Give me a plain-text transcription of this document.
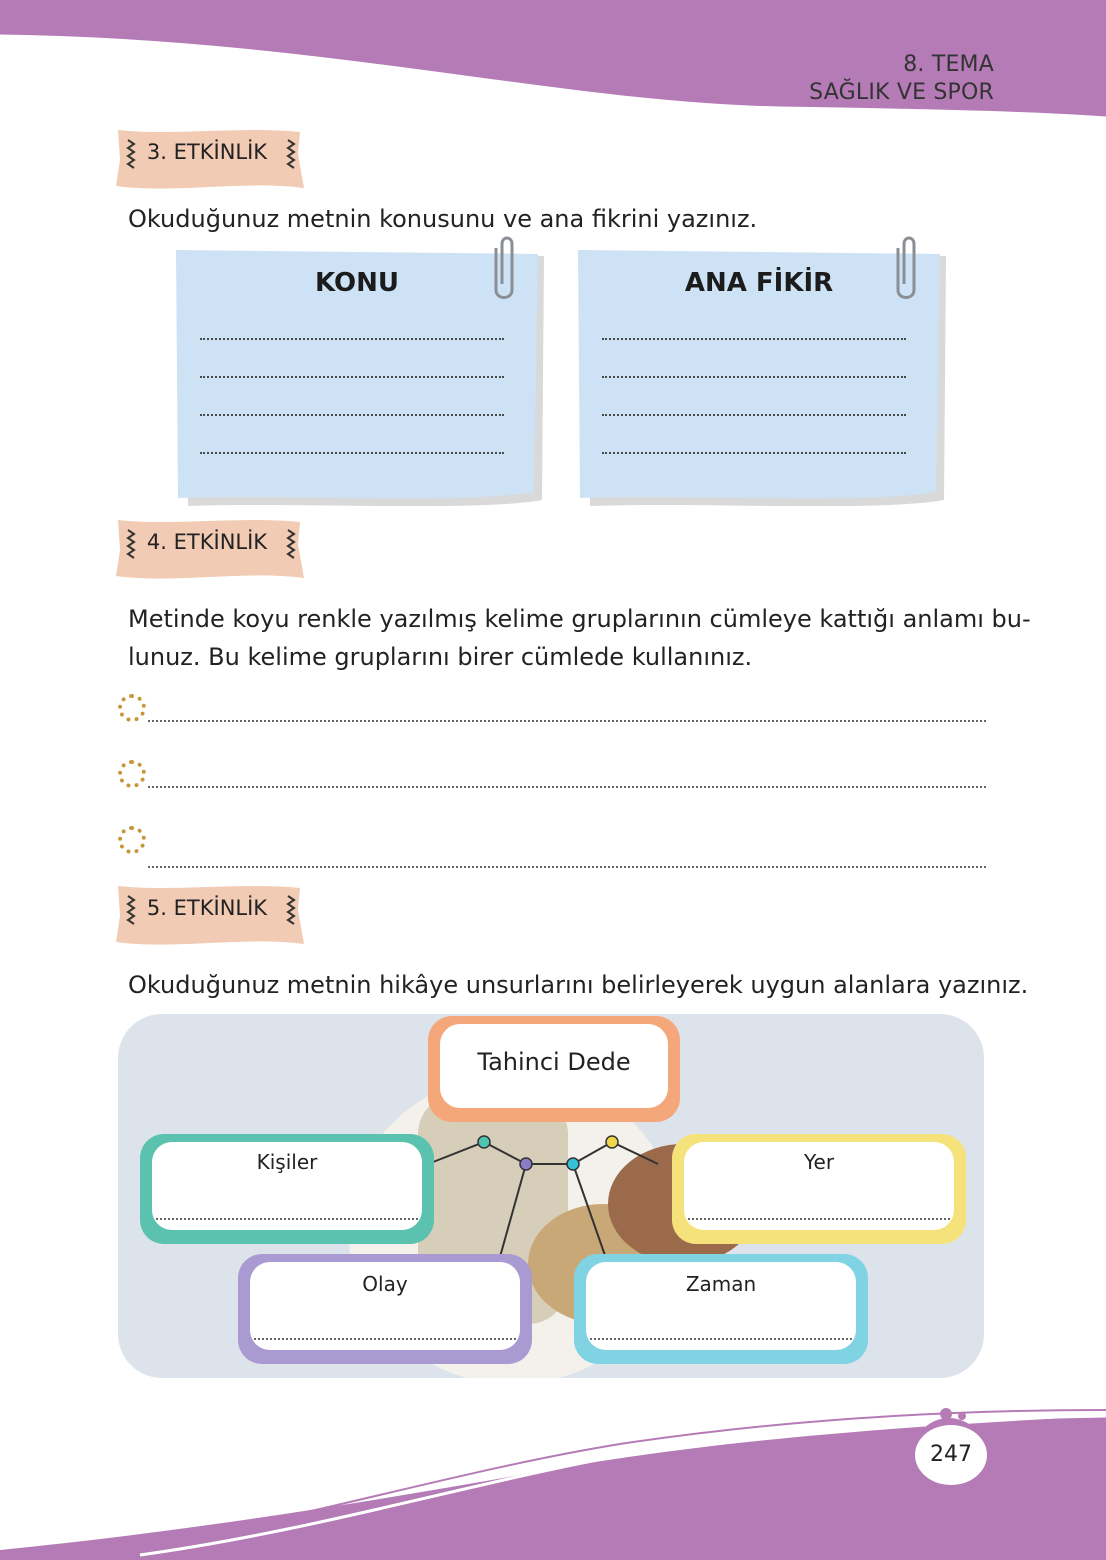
8. TEMA
SAĞLIK VE SPOR
3. ETKİNLİK
Okuduğunuz metnin konusunu ve ana fikrini yazınız.
KONU	ANA FİKİR
4. ETKİNLİK
Metinde koyu renkle yazılmış kelime gruplarının cümleye kattığı anlamı bu-
lunuz. Bu kelime gruplarını birer cümlede kullanınız.
5. ETKİNLİK
Okuduğunuz metnin hikâye unsurlarını belirleyerek uygun alanlara yazınız.
Tahinci Dede
Kişiler	Yer
Olay	Zaman
247
